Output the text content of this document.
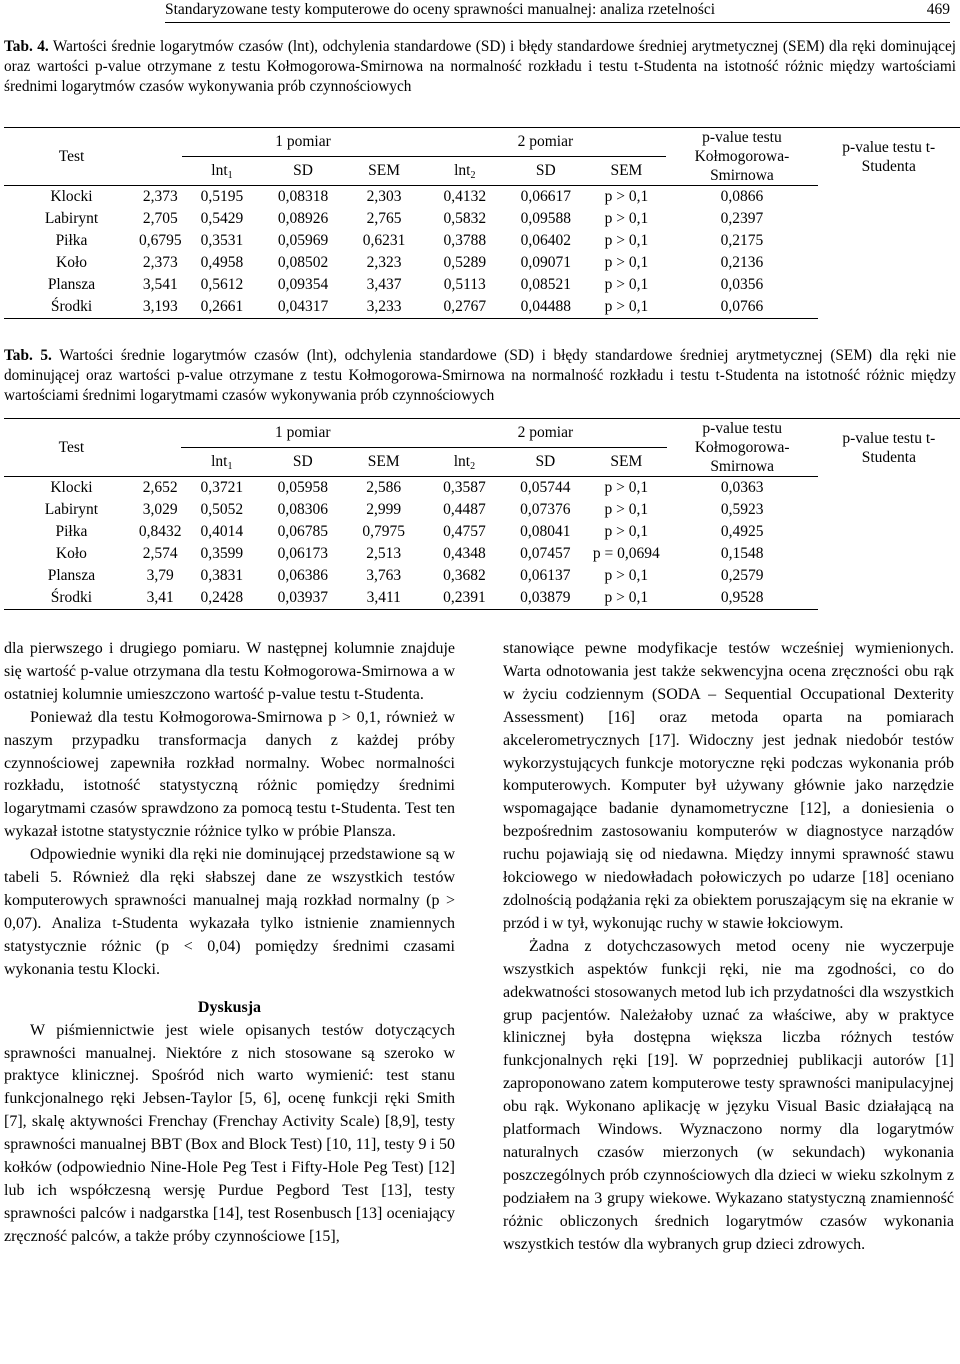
Standaryzowane testy komputerowe do oceny sprawności manualnej: analiza rzetelności	469
Tab. 4. Wartości średnie logarytmów czasów (lnt), odchylenia standardowe (SD) i błędy standardowe średniej arytmetycznej (SEM) dla ręki dominującej oraz wartości p-value otrzymane z testu Kołmogorowa-Smirnowa na normalność rozkładu i testu t-Studenta na istotność różnic między wartościami średnimi logarytmów czasów wykonywania prób czynnościowych
Test		1 pomiar			2 pomiar			p-value testu Kołmogorowa-Smirnowa	p-value testu t-Studenta
		lnt$_1$	SD	SEM	lnt$_2$	SD	SEM		
Klocki	2,373	0,5195	0,08318	2,303	0,4132	0,06617	p > 0,1	0,0866	
Labirynt	2,705	0,5429	0,08926	2,765	0,5832	0,09588	p > 0,1	0,2397	
Piłka	0,6795	0,3531	0,05969	0,6231	0,3788	0,06402	p > 0,1	0,2175	
Koło	2,373	0,4958	0,08502	2,323	0,5289	0,09071	p > 0,1	0,2136	
Plansza	3,541	0,5612	0,09354	3,437	0,5113	0,08521	p > 0,1	0,0356	
Środki	3,193	0,2661	0,04317	3,233	0,2767	0,04488	p > 0,1	0,0766	
Tab. 5. Wartości średnie logarytmów czasów (lnt), odchylenia standardowe (SD) i błędy standardowe średniej arytmetycznej (SEM) dla ręki nie dominującej oraz wartości p-value otrzymane z testu Kołmogorowa-Smirnowa na normalność rozkładu i testu t-Studenta na istotność różnic między wartościami średnimi logarytmami czasów wykonywania prób czynnościowych
Test		1 pomiar			2 pomiar			p-value testu Kołmogorowa-Smirnowa	p-value testu t-Studenta
		lnt$_1$	SD	SEM	lnt$_2$	SD	SEM		
Klocki	2,652	0,3721	0,05958	2,586	0,3587	0,05744	p > 0,1	0,0363	
Labirynt	3,029	0,5052	0,08306	2,999	0,4487	0,07376	p > 0,1	0,5923	
Piłka	0,8432	0,4014	0,06785	0,7975	0,4757	0,08041	p > 0,1	0,4925	
Koło	2,574	0,3599	0,06173	2,513	0,4348	0,07457	p = 0,0694	0,1548	
Plansza	3,79	0,3831	0,06386	3,763	0,3682	0,06137	p > 0,1	0,2579	
Środki	3,41	0,2428	0,03937	3,411	0,2391	0,03879	p > 0,1	0,9528	

dla pierwszego i drugiego pomiaru. W następnej kolumnie znajduje się wartość p-value otrzymana dla testu Kołmogorowa-Smirnowa a w ostatniej kolumnie umieszczono wartość p-value testu t-Studenta.

Ponieważ dla testu Kołmogorowa-Smirnowa p > 0,1, również w naszym przypadku transformacja danych z każdej próby czynnościowej zapewniła rozkład normalny. Wobec normalności rozkładu, istotność statystyczną różnic pomiędzy średnimi logarytmami czasów sprawdzono za pomocą testu t-Studenta. Test ten wykazał istotne statystycznie różnice tylko w próbie Plansza.

Odpowiednie wyniki dla ręki nie dominującej przedstawione są w tabeli 5. Również dla ręki słabszej dane ze wszystkich testów komputerowych sprawności manualnej mają rozkład normalny (p > 0,07). Analiza t-Studenta wykazała tylko istnienie znamiennych statystycznie różnic (p < 0,04) pomiędzy średnimi czasami wykonania testu Klocki.

Dyskusja

W piśmiennictwie jest wiele opisanych testów dotyczących sprawności manualnej. Niektóre z nich stosowane są szeroko w praktyce klinicznej. Spośród nich warto wymienić: test stanu funkcjonalnego ręki Jebsen-Taylor [5, 6], ocenę funkcji ręki Smith [7], skalę aktywności Frenchay (Frenchay Activity Scale) [8,9], testy sprawności manualnej BBT (Box and Block Test) [10, 11], testy 9 i 50 kołków (odpowiednio Nine-Hole Peg Test i Fifty-Hole Peg Test) [12] lub ich współczesną wersję Purdue Pegbord Test [13], testy sprawności palców i nadgarstka [14], test Rosenbusch [13] oceniający zręczność palców, a także próby czynnościowe [15],

stanowiące pewne modyfikacje testów wcześniej wymienionych. Warta odnotowania jest także sekwencyjna ocena zręczności obu rąk w życiu codziennym (SODA – Sequential Occupational Dexterity Assessment) [16] oraz metoda oparta na pomiarach akcelerometrycznych [17]. Widoczny jest jednak niedobór testów wykorzystujących funkcje motoryczne ręki podczas wykonania prób komputerowych. Komputer był używany głównie jako narzędzie wspomagające badanie dynamometryczne [12], a doniesienia o bezpośrednim zastosowaniu komputerów w diagnostyce narządów ruchu pojawiają się od niedawna. Między innymi sprawność stawu łokciowego w niedowładach połowiczych po udarze [18] oceniano zdolnością podążania ręki za obiektem poruszającym się na ekranie w przód i w tył, wykonując ruchy w stawie łokciowym.

Żadna z dotychczasowych metod oceny nie wyczerpuje wszystkich aspektów funkcji ręki, nie ma zgodności, co do adekwatności stosowanych metod lub ich przydatności dla wszystkich grup pacjentów. Należałoby uznać za właściwe, aby w praktyce klinicznej była dostępna większa liczba różnych testów funkcjonalnych ręki [19]. W poprzedniej publikacji autorów [1] zaproponowano zatem komputerowe testy sprawności manipulacyjnej obu rąk. Wykonano aplikację w języku Visual Basic działającą na platformach Windows. Wyznaczono normy dla logarytmów naturalnych czasów mierzonych (w sekundach) wykonania poszczególnych prób czynnościowych dla dzieci w wieku szkolnym z podziałem na 3 grupy wiekowe. Wykazano statystyczną znamienność różnic obliczonych średnich logarytmów czasów wykonania wszystkich testów dla wybranych grup dzieci zdrowych.
